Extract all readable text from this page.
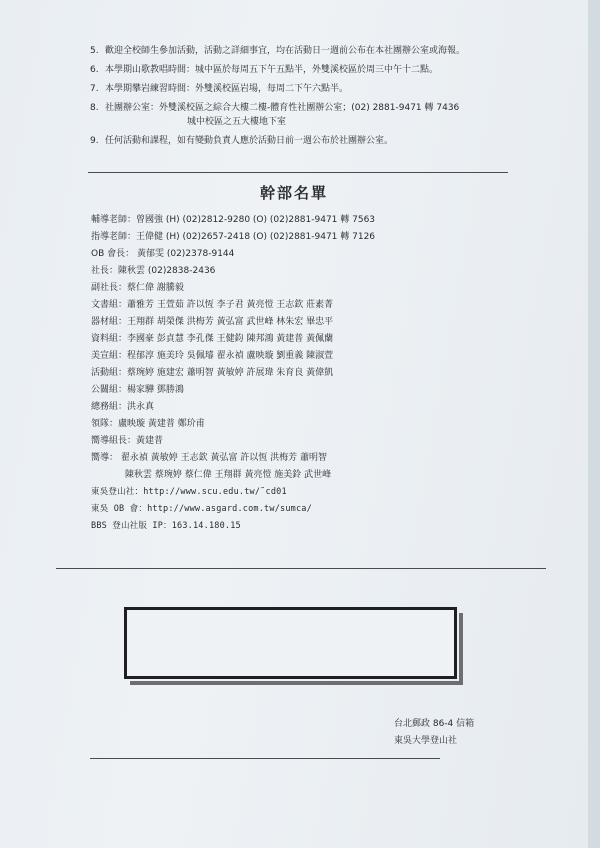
5. 歡迎全校師生參加活動，活動之詳細事宜，均在活動日一週前公布在本社團辦公室或海報。
6. 本學期山歌教唱時間：城中區於每周五下午五點半，外雙溪校區於周三中午十二點。
7. 本學期攀岩練習時間：外雙溪校區岩場，每周二下午六點半。
8. 社團辦公室：外雙溪校區之綜合大樓二樓-體育性社團辦公室；(02) 2881-9471 轉 7436
城中校區之五大樓地下室
9. 任何活動和課程，如有變動負責人應於活動日前一週公布於社團辦公室。
幹部名單
輔導老師：曾國強 (H) (02)2812-9280 (O) (02)2881-9471 轉 7563
指導老師：王偉健 (H) (02)2657-2418 (O) (02)2881-9471 轉 7126
OB 會長： 黃郁雯 (02)2378-9144
社長：陳秋雲 (02)2838-2436
副社長：蔡仁偉 謝騰毅
文書組：蕭雅芳 王萱茹 許以恆 李子君 黃亮愷 王志欽 莊素菁
器材組：王翔群 胡榮傑 洪梅芳 黃弘富 武世峰 林朱宏 畢忠平
資料組：李國豪 彭貞慧 李孔傑 王健鈞 陳邦鴻 黃建普 黃佩蘭
美宣組：程郁淳 施美玲 吳佩璿 翟永禎 盧映璇 劉重義 陳淑萱
活動組：蔡琬婷 施建宏 蕭明智 黃敏婷 許展瑋 朱育良 黃偉凱
公關組：楊家驊 鄧勝鴻
總務組：洪永真
領隊：盧映璇 黃建普 鄭玠甫
嚮導組長：黃建普
嚮導： 翟永禎 黃敏婷 王志欽 黃弘富 許以恆 洪梅芳 蕭明智
陳秋雲 蔡琬婷 蔡仁偉 王翔群 黃亮愷 施美鈴 武世峰
東吳登山社：http://www.scu.edu.tw/˜cd01
東吳 OB 會：http://www.asgard.com.tw/sumca/
BBS 登山社版 IP：163.14.180.15
台北郵政 86-4 信箱
東吳大學登山社
